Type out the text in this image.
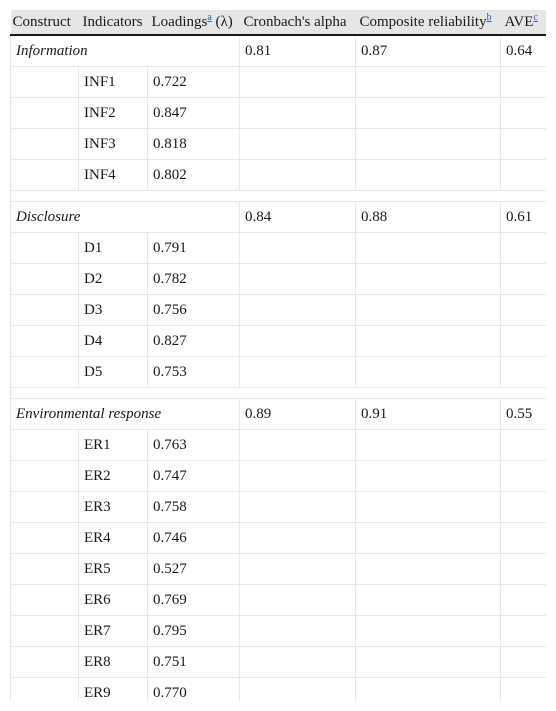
Construct	Indicators	Loadings$^a$ (λ)	Cronbach's alpha	Composite reliability$^b$	AVE$^c$
Information			0.81	0.87	0.64
	INF1	0.722			
	INF2	0.847			
	INF3	0.818			
	INF4	0.802			

Disclosure			0.84	0.88	0.61
	D1	0.791			
	D2	0.782			
	D3	0.756			
	D4	0.827			
	D5	0.753			

Environmental response			0.89	0.91	0.55
	ER1	0.763			
	ER2	0.747			
	ER3	0.758			
	ER4	0.746			
	ER5	0.527			
	ER6	0.769			
	ER7	0.795			
	ER8	0.751			
	ER9	0.770			
